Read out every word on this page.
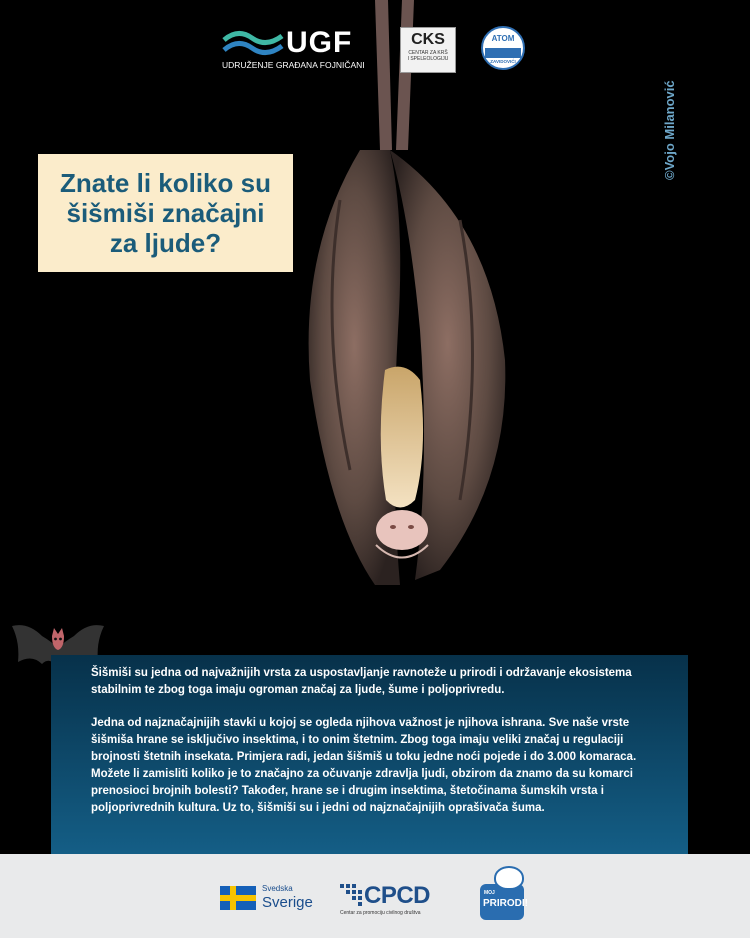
UGF
UDRUŽENJE GRAĐANA FOJNIČANI
CKS
CENTAR ZA KRŠ
I SPELEOLOGIJU
ATOM
ZAVIDOVIĆI
©Vojo Milanović
Znate li koliko su
šišmiši značajni
za ljude?

Šišmiši su jedna od najvažnijih vrsta za uspostavljanje ravnoteže u prirodi i održavanje ekosistema stabilnim te zbog toga imaju ogroman značaj za ljude, šume i poljoprivredu.

Jedna od najznačajnijih stavki u kojoj se ogleda njihova važnost je njihova ishrana. Sve naše vrste šišmiša hrane se isključivo insektima, i to onim štetnim. Zbog toga imaju veliki značaj u regulaciji brojnosti štetnih insekata. Primjera radi, jedan šišmiš u toku jedne noći pojede i do 3.000 komaraca. Možete li zamisliti koliko je to značajno za očuvanje zdravlja ljudi, obzirom da znamo da su komarci prenosioci brojnih bolesti? Također, hrane se i drugim insektima, štetočinama šumskih vrsta i poljoprivrednih kultura. Uz to, šišmiši su i jedni od najznačajnijih oprašivača šuma.

Svedska
Sverige CPCD
Centar za promociju civilnog društva
MOJ
PRIRODI!
